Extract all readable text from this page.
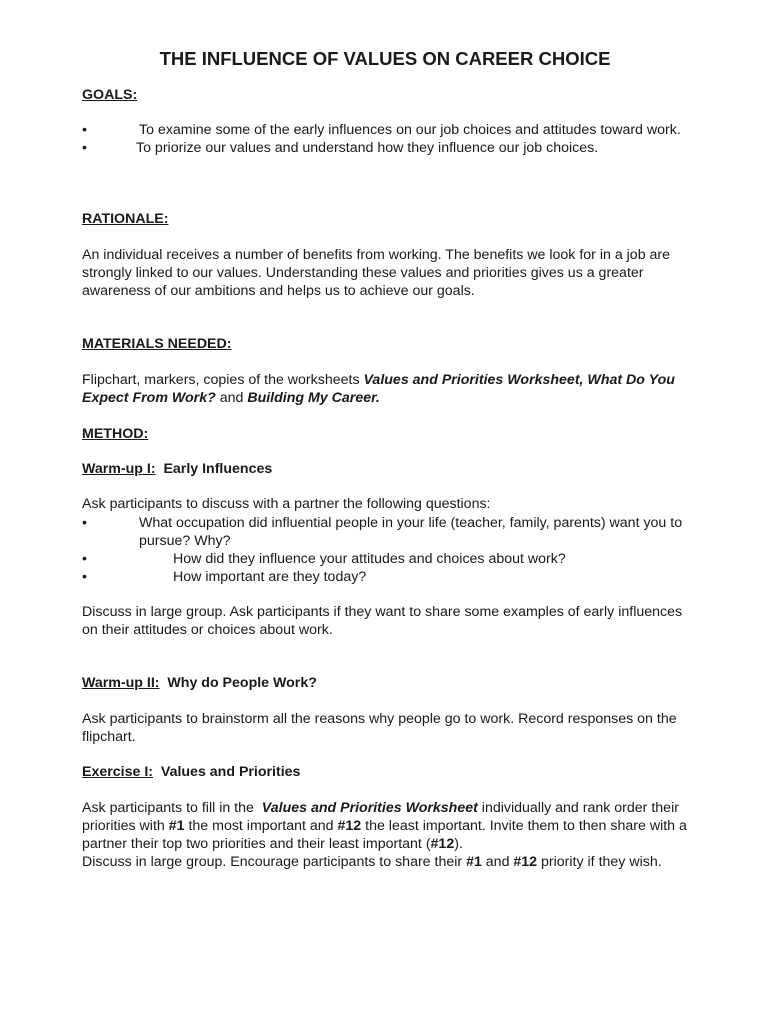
THE INFLUENCE OF VALUES ON CAREER CHOICE

GOALS:

•	To examine some of the early influences on our job choices and attitudes toward work.
•	To priorize our values and understand how they influence our job choices.

RATIONALE:

An individual receives a number of benefits from working. The benefits we look for in a job are strongly linked to our values. Understanding these values and priorities gives us a greater awareness of our ambitions and helps us to achieve our goals.

MATERIALS NEEDED:

Flipchart, markers, copies of the worksheets Values and Priorities Worksheet, What Do You Expect From Work? and Building My Career.

METHOD:

Warm-up I:  Early Influences

Ask participants to discuss with a partner the following questions:

•	What occupation did influential people in your life (teacher, family, parents) want you to pursue? Why?
•	How did they influence your attitudes and choices about work?
•	How important are they today?

Discuss in large group. Ask participants if they want to share some examples of early influences on their attitudes or choices about work.

Warm-up II:  Why do People Work?

Ask participants to brainstorm all the reasons why people go to work. Record responses on the flipchart.

Exercise I:  Values and Priorities

Ask participants to fill in the  Values and Priorities Worksheet individually and rank order their priorities with #1 the most important and #12 the least important. Invite them to then share with a partner their top two priorities and their least important (#12).

Discuss in large group. Encourage participants to share their #1 and #12 priority if they wish.
